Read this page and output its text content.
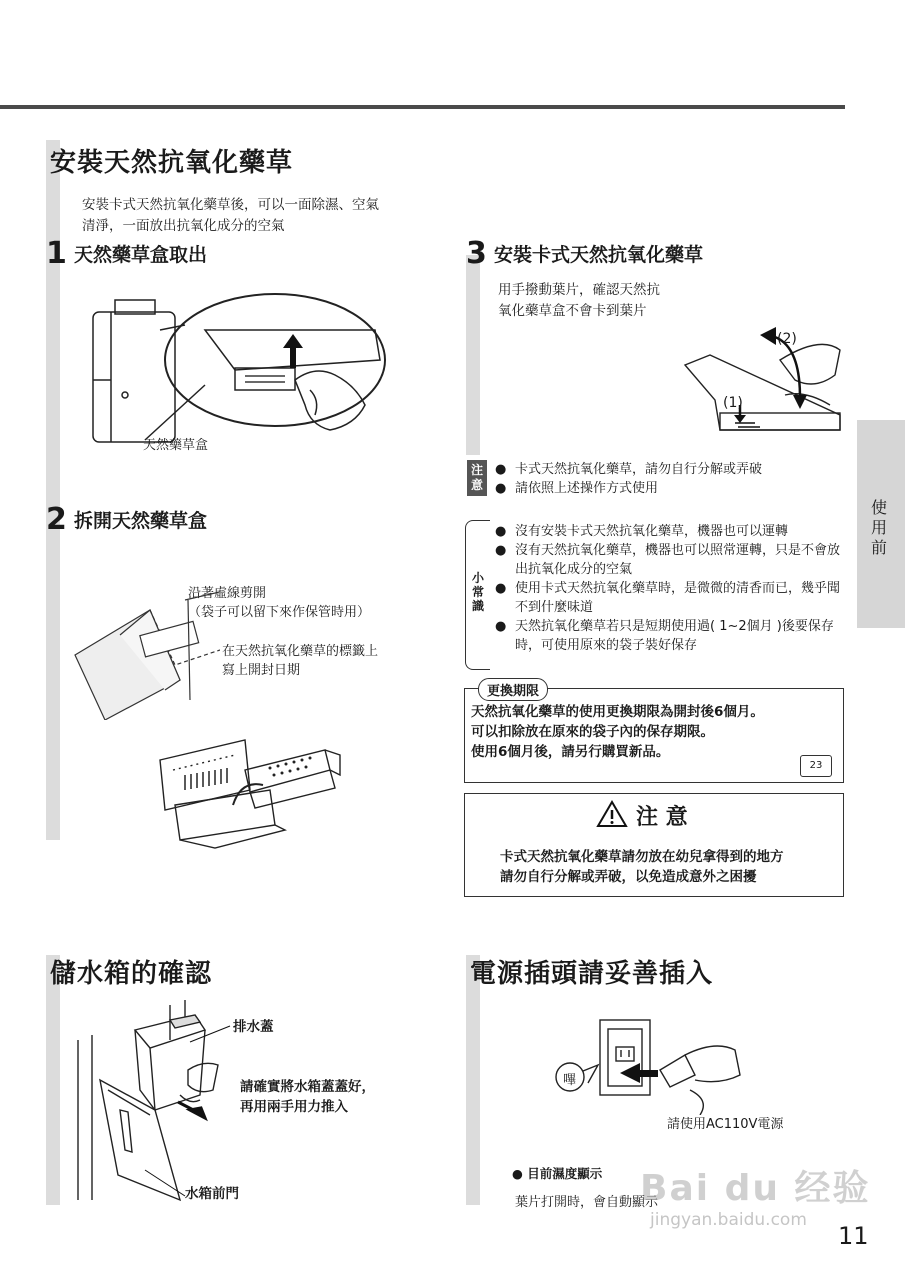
使用前
安裝天然抗氧化藥草
安裝卡式天然抗氧化藥草後，可以一面除濕、空氣
清淨，一面放出抗氧化成分的空氣
1 天然藥草盒取出
天然藥草盒
2 拆開天然藥草盒
沿著虛線剪開
（袋子可以留下來作保管時用）
在天然抗氧化藥草的標籤上
寫上開封日期
3 安裝卡式天然抗氧化藥草
用手撥動葉片，確認天然抗
氧化藥草盒不會卡到葉片
(2)
(1)
注意
● 卡式天然抗氧化藥草，請勿自行分解或弄破
● 請依照上述操作方式使用
小常識
● 沒有安裝卡式天然抗氧化藥草，機器也可以運轉
● 沒有天然抗氧化藥草，機器也可以照常運轉，只是不會放出抗氧化成分的空氣
● 使用卡式天然抗氧化藥草時，是微微的清香而已，幾乎聞不到什麼味道
● 天然抗氧化藥草若只是短期使用過( 1~2個月 )後要保存時，可使用原來的袋子裝好保存
更換期限
天然抗氧化藥草的使用更換期限為開封後6個月。
可以扣除放在原來的袋子內的保存期限。
使用6個月後，請另行購買新品。
23
注 意
卡式天然抗氧化藥草請勿放在幼兒拿得到的地方
請勿自行分解或弄破，以免造成意外之困擾
儲水箱的確認
排水蓋
請確實將水箱蓋蓋好，
再用兩手用力推入
水箱前門
電源插頭請妥善插入
嗶
請使用AC110V電源
● 目前濕度顯示
葉片打開時，會自動顯示
Bai du 经验
jingyan.baidu.com
11
